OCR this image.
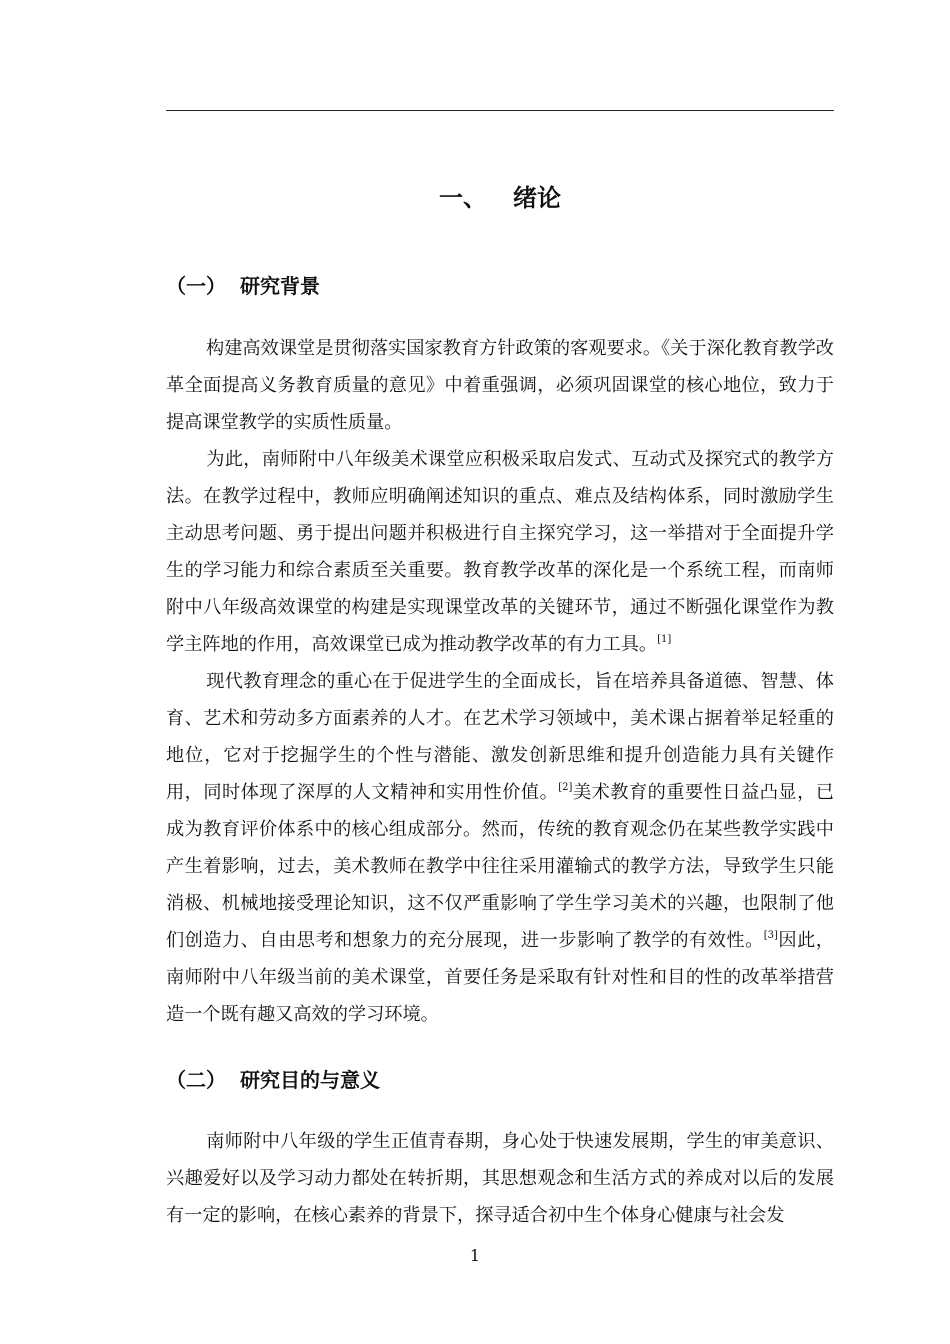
一、 绪论
（一） 研究背景

构建高效课堂是贯彻落实国家教育方针政策的客观要求。《关于深化教育教学改革全面提高义务教育质量的意见》中着重强调，必须巩固课堂的核心地位，致力于提高课堂教学的实质性质量。

为此，南师附中八年级美术课堂应积极采取启发式、互动式及探究式的教学方法。在教学过程中，教师应明确阐述知识的重点、难点及结构体系，同时激励学生主动思考问题、勇于提出问题并积极进行自主探究学习，这一举措对于全面提升学生的学习能力和综合素质至关重要。教育教学改革的深化是一个系统工程，而南师附中八年级高效课堂的构建是实现课堂改革的关键环节，通过不断强化课堂作为教学主阵地的作用，高效课堂已成为推动教学改革的有力工具。[1]

现代教育理念的重心在于促进学生的全面成长，旨在培养具备道德、智慧、体育、艺术和劳动多方面素养的人才。在艺术学习领域中，美术课占据着举足轻重的地位，它对于挖掘学生的个性与潜能、激发创新思维和提升创造能力具有关键作用，同时体现了深厚的人文精神和实用性价值。[2]美术教育的重要性日益凸显，已成为教育评价体系中的核心组成部分。然而，传统的教育观念仍在某些教学实践中产生着影响，过去，美术教师在教学中往往采用灌输式的教学方法，导致学生只能消极、机械地接受理论知识，这不仅严重影响了学生学习美术的兴趣，也限制了他们创造力、自由思考和想象力的充分展现，进一步影响了教学的有效性。[3]因此，南师附中八年级当前的美术课堂，首要任务是采取有针对性和目的性的改革举措营造一个既有趣又高效的学习环境。

（二） 研究目的与意义

南师附中八年级的学生正值青春期，身心处于快速发展期，学生的审美意识、兴趣爱好以及学习动力都处在转折期，其思想观念和生活方式的养成对以后的发展有一定的影响，在核心素养的背景下，探寻适合初中生个体身心健康与社会发

1
